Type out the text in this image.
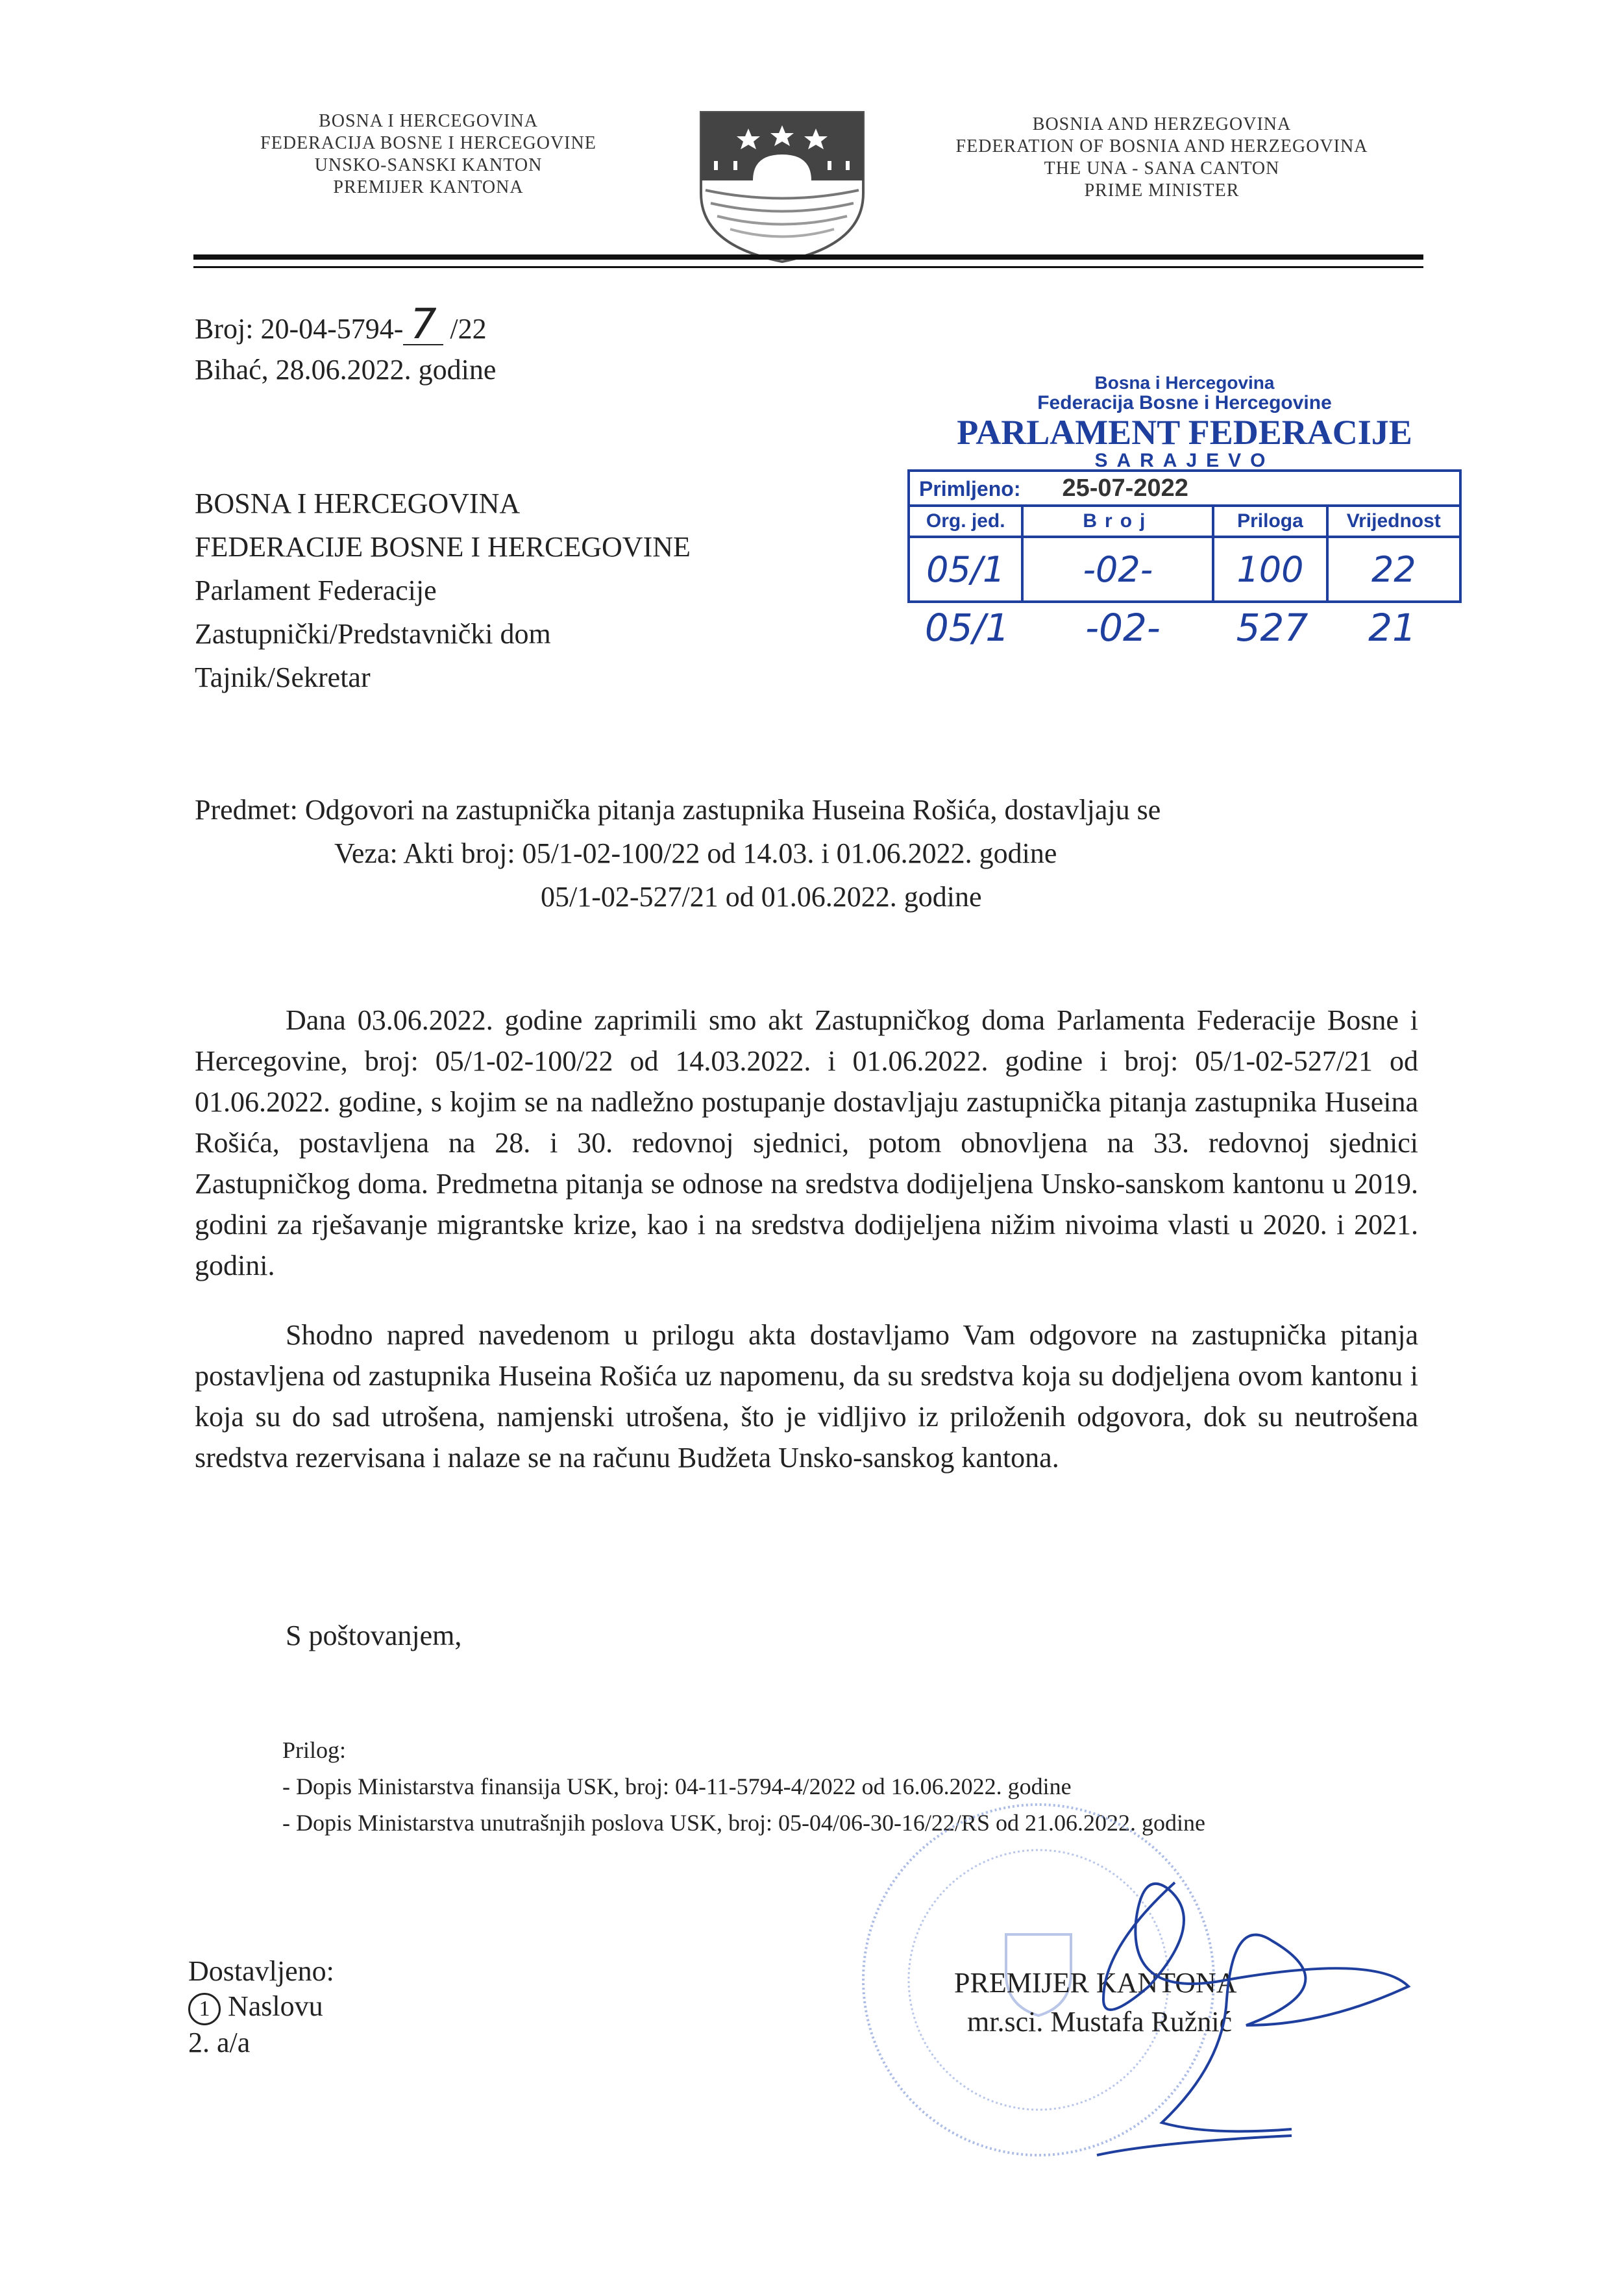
BOSNA I HERCEGOVINA
FEDERACIJA BOSNE I HERCEGOVINE
UNSKO-SANSKI KANTON
PREMIJER KANTONA
BOSNIA AND HERZEGOVINA
FEDERATION OF BOSNIA AND HERZEGOVINA
THE UNA - SANA CANTON
PRIME MINISTER
Broj: 20-04-5794- 7 /22
Bihać, 28.06.2022. godine
BOSNA I HERCEGOVINA
FEDERACIJE BOSNE I HERCEGOVINE
Parlament Federacije
Zastupnički/Predstavnički dom
Tajnik/Sekretar
Bosna i Hercegovina
Federacija Bosne i Hercegovine
PARLAMENT FEDERACIJE
SARAJEVO
Primljeno: 25-07-2022			
Org. jed.	Broj	Priloga	Vrijednost
05/1	-02-	100	22
05/1	-02-	527	21
Predmet: Odgovori na zastupnička pitanja zastupnika Huseina Rošića, dostavljaju se
Veza: Akti broj: 05/1-02-100/22 od 14.03. i 01.06.2022. godine
05/1-02-527/21 od 01.06.2022. godine
Dana 03.06.2022. godine zaprimili smo akt Zastupničkog doma Parlamenta Federacije Bosne i Hercegovine, broj: 05/1-02-100/22 od 14.03.2022. i 01.06.2022. godine i broj: 05/1-02-527/21 od 01.06.2022. godine, s kojim se na nadležno postupanje dostavljaju zastupnička pitanja zastupnika Huseina Rošića, postavljena na 28. i 30. redovnoj sjednici, potom obnovljena na 33. redovnoj sjednici Zastupničkog doma. Predmetna pitanja se odnose na sredstva dodijeljena Unsko-sanskom kantonu u 2019. godini za rješavanje migrantske krize, kao i na sredstva dodijeljena nižim nivoima vlasti u 2020. i 2021. godini.
Shodno napred navedenom u prilogu akta dostavljamo Vam odgovore na zastupnička pitanja postavljena od zastupnika Huseina Rošića uz napomenu, da su sredstva koja su dodjeljena ovom kantonu i koja su do sad utrošena, namjenski utrošena, što je vidljivo iz priloženih odgovora, dok su neutrošena sredstva rezervisana i nalaze se na računu Budžeta Unsko-sanskog kantona.
S poštovanjem,
Prilog:
- Dopis Ministarstva finansija USK, broj: 04-11-5794-4/2022 od 16.06.2022. godine
- Dopis Ministarstva unutrašnjih poslova USK, broj: 05-04/06-30-16/22/RS od 21.06.2022. godine
Dostavljeno:
1 Naslovu
2. a/a
PREMIJER KANTONA
mr.sci. Mustafa Ružnić
